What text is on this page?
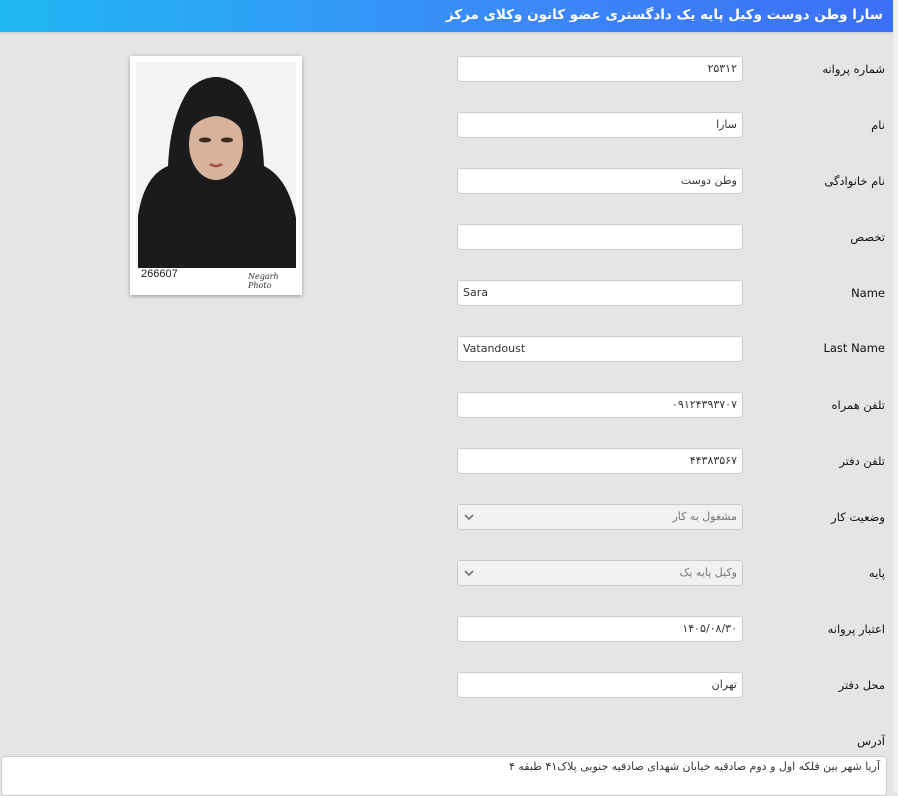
سارا وطن دوست وکیل پایه یک دادگستری عضو کانون وکلای مرکز
266607	Negarh Photo
شماره پروانه
۲۵۳۱۲
نام
سارا
نام خانوادگی
وطن دوست
تخصص
Name
Sara
Last Name
Vatandoust
تلفن همراه
۰۹۱۲۴۳۹۳۷۰۷
تلفن دفتر
۴۴۳۸۳۵۶۷
وضعیت کار
مشغول به کار
پایه
وکیل پایه یک
اعتبار پروانه
۱۴۰۵/۰۸/۳۰
محل دفتر
تهران
آدرس
آریا شهر بین فلکه اول و دوم صادقیه خیابان شهدای صادقیه جنوبی پلاک۴۱ طبقه ۴
